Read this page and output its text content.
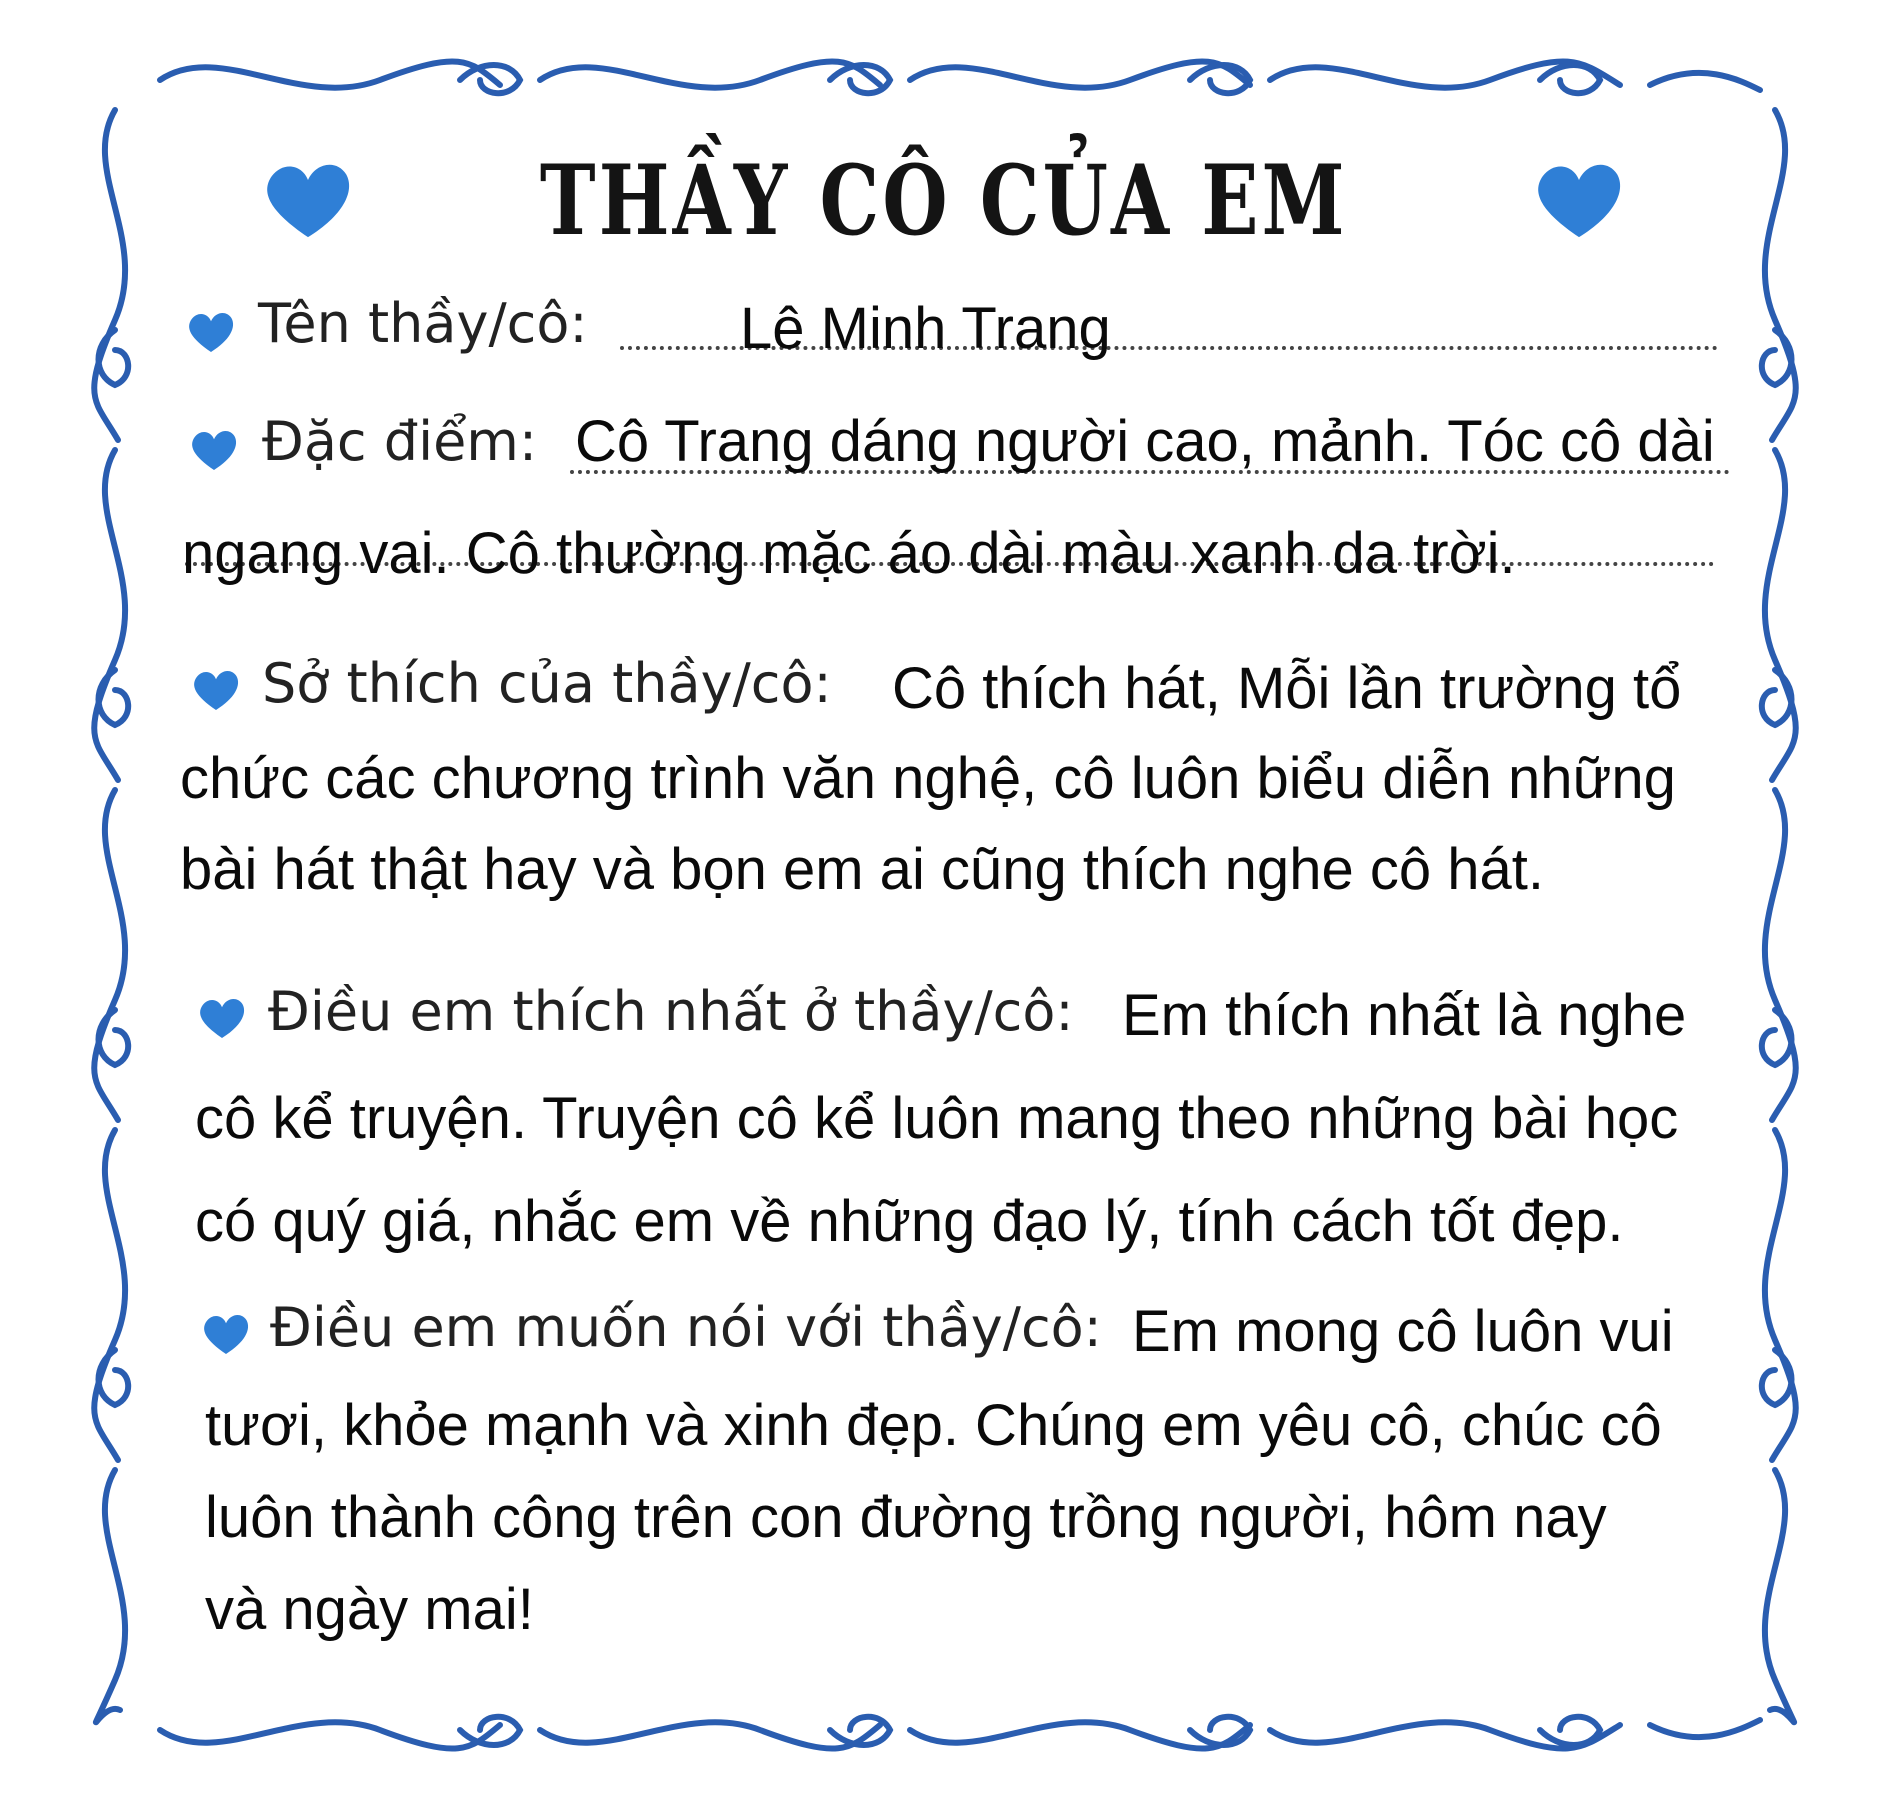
THẦY CÔ CỦA EM
Tên thầy/cô:	Lê Minh Trang
Đặc điểm: Cô Trang dáng người cao, mảnh. Tóc cô dài
ngang vai. Cô thường mặc áo dài màu xanh da trời.
Sở thích của thầy/cô: Cô thích hát, Mỗi lần trường tổ
chức các chương trình văn nghệ, cô luôn biểu diễn những
bài hát thật hay và bọn em ai cũng thích nghe cô hát.
Điều em thích nhất ở thầy/cô: Em thích nhất là nghe
cô kể truyện. Truyện cô kể luôn mang theo những bài học
có quý giá, nhắc em về những đạo lý, tính cách tốt đẹp.
Điều em muốn nói với thầy/cô: Em mong cô luôn vui
tươi, khỏe mạnh và xinh đẹp. Chúng em yêu cô, chúc cô
luôn thành công trên con đường trồng người, hôm nay
và ngày mai!
